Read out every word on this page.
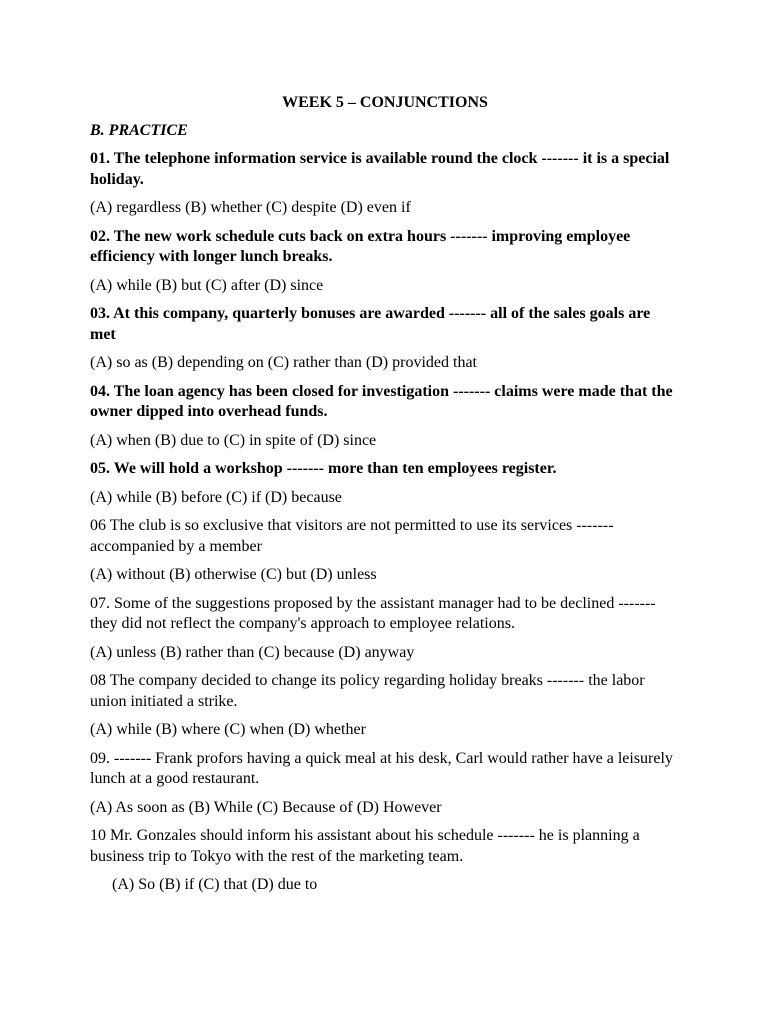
WEEK 5 – CONJUNCTIONS

B. PRACTICE

01. The telephone information service is available round the clock ------- it is a special holiday.

(A) regardless (B) whether (C) despite (D) even if

02. The new work schedule cuts back on extra hours ------- improving employee efficiency with longer lunch breaks.

(A) while (B) but (C) after (D) since

03. At this company, quarterly bonuses are awarded ------- all of the sales goals are met

(A) so as (B) depending on (C) rather than (D) provided that

04. The loan agency has been closed for investigation ------- claims were made that the owner dipped into overhead funds.

(A) when (B) due to (C) in spite of (D) since

05. We will hold a workshop ------- more than ten employees register.

(A) while (B) before (C) if (D) because

06 The club is so exclusive that visitors are not permitted to use its services ------- accompanied by a member

(A) without (B) otherwise (C) but (D) unless

07. Some of the suggestions proposed by the assistant manager had to be declined ------- they did not reflect the company's approach to employee relations.

(A) unless (B) rather than (C) because (D) anyway

08 The company decided to change its policy regarding holiday breaks ------- the labor union initiated a strike.

(A) while (B) where (C) when (D) whether

09. ------- Frank profors having a quick meal at his desk, Carl would rather have a leisurely lunch at a good restaurant.

(A) As soon as (B) While (C) Because of (D) However

10 Mr. Gonzales should inform his assistant about his schedule ------- he is planning a business trip to Tokyo with the rest of the marketing team.

(A) So (B) if (C) that (D) due to
